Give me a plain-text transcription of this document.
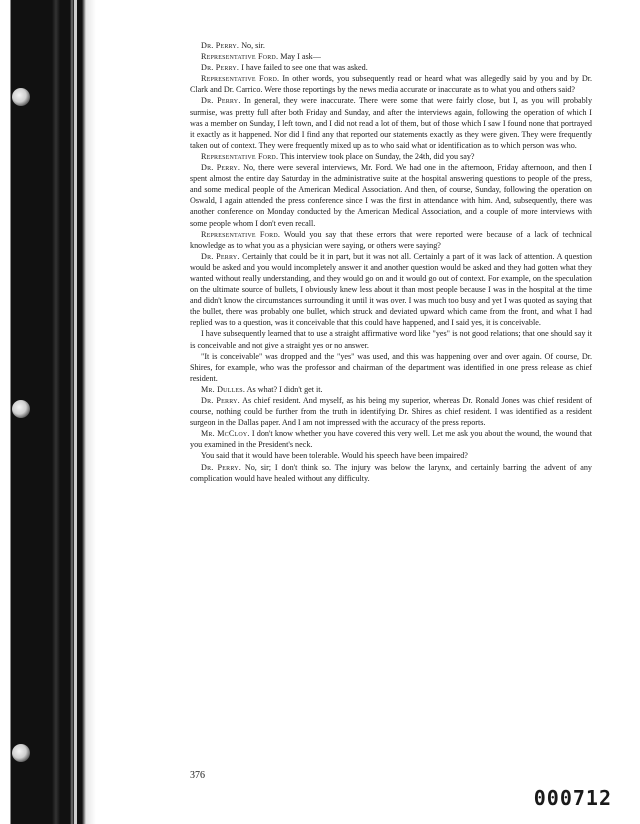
Dr. Perry. No, sir.

Representative Ford. May I ask—

Dr. Perry. I have failed to see one that was asked.

Representative Ford. In other words, you subsequently read or heard what was allegedly said by you and by Dr. Clark and Dr. Carrico. Were those reportings by the news media accurate or inaccurate as to what you and others said?

Dr. Perry. In general, they were inaccurate. There were some that were fairly close, but I, as you will probably surmise, was pretty full after both Friday and Sunday, and after the interviews again, following the operation of which I was a member on Sunday, I left town, and I did not read a lot of them, but of those which I saw I found none that portrayed it exactly as it happened. Nor did I find any that reported our statements exactly as they were given. They were frequently taken out of context. They were frequently mixed up as to who said what or identification as to which person was who.

Representative Ford. This interview took place on Sunday, the 24th, did you say?

Dr. Perry. No, there were several interviews, Mr. Ford. We had one in the afternoon, Friday afternoon, and then I spent almost the entire day Saturday in the administrative suite at the hospital answering questions to people of the press, and some medical people of the American Medical Association. And then, of course, Sunday, following the operation on Oswald, I again attended the press conference since I was the first in attendance with him. And, subsequently, there was another conference on Monday conducted by the American Medical Association, and a couple of more interviews with some people whom I don't even recall.

Representative Ford. Would you say that these errors that were reported were because of a lack of technical knowledge as to what you as a physician were saying, or others were saying?

Dr. Perry. Certainly that could be it in part, but it was not all. Certainly a part of it was lack of attention. A question would be asked and you would incompletely answer it and another question would be asked and they had gotten what they wanted without really understanding, and they would go on and it would go out of context. For example, on the speculation on the ultimate source of bullets, I obviously knew less about it than most people because I was in the hospital at the time and didn't know the circumstances surrounding it until it was over. I was much too busy and yet I was quoted as saying that the bullet, there was probably one bullet, which struck and deviated upward which came from the front, and what I had replied was to a question, was it conceivable that this could have happened, and I said yes, it is conceivable.

I have subsequently learned that to use a straight affirmative word like "yes" is not good relations; that one should say it is conceivable and not give a straight yes or no answer.

"It is conceivable" was dropped and the "yes" was used, and this was happening over and over again. Of course, Dr. Shires, for example, who was the professor and chairman of the department was identified in one press release as chief resident.

Mr. Dulles. As what? I didn't get it.

Dr. Perry. As chief resident. And myself, as his being my superior, whereas Dr. Ronald Jones was chief resident of course, nothing could be further from the truth in identifying Dr. Shires as chief resident. I was identified as a resident surgeon in the Dallas paper. And I am not impressed with the accuracy of the press reports.

Mr. McCloy. I don't know whether you have covered this very well. Let me ask you about the wound, the wound that you examined in the President's neck.

You said that it would have been tolerable. Would his speech have been impaired?

Dr. Perry. No, sir; I don't think so. The injury was below the larynx, and certainly barring the advent of any complication would have healed without any difficulty.

376
000712
